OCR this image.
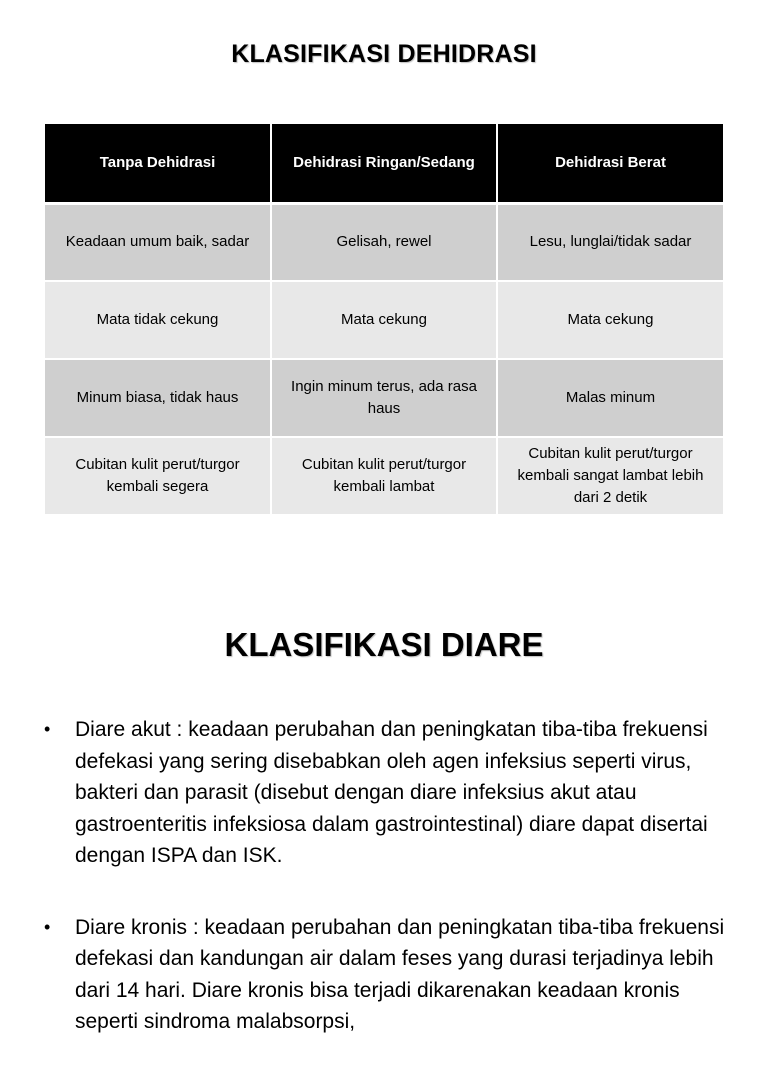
KLASIFIKASI DEHIDRASI
Tanpa Dehidrasi	Dehidrasi Ringan/Sedang	Dehidrasi Berat
Keadaan umum baik, sadar	Gelisah, rewel	Lesu, lunglai/tidak sadar
Mata tidak cekung	Mata cekung	Mata cekung
Minum biasa, tidak haus	Ingin minum terus, ada rasa haus	Malas minum
Cubitan kulit perut/turgor kembali segera	Cubitan kulit perut/turgor kembali lambat	Cubitan kulit perut/turgor kembali sangat lambat lebih dari 2 detik
KLASIFIKASI DIARE
•	Diare akut : keadaan perubahan dan peningkatan tiba-tiba frekuensi defekasi yang sering disebabkan oleh agen infeksius seperti virus, bakteri dan parasit (disebut dengan diare infeksius akut atau gastroenteritis infeksiosa dalam gastrointestinal) diare dapat disertai dengan ISPA dan ISK.
•	Diare kronis : keadaan perubahan dan peningkatan tiba-tiba frekuensi defekasi dan kandungan air dalam feses yang durasi terjadinya lebih dari 14 hari. Diare kronis bisa terjadi dikarenakan keadaan kronis seperti sindroma malabsorpsi,
